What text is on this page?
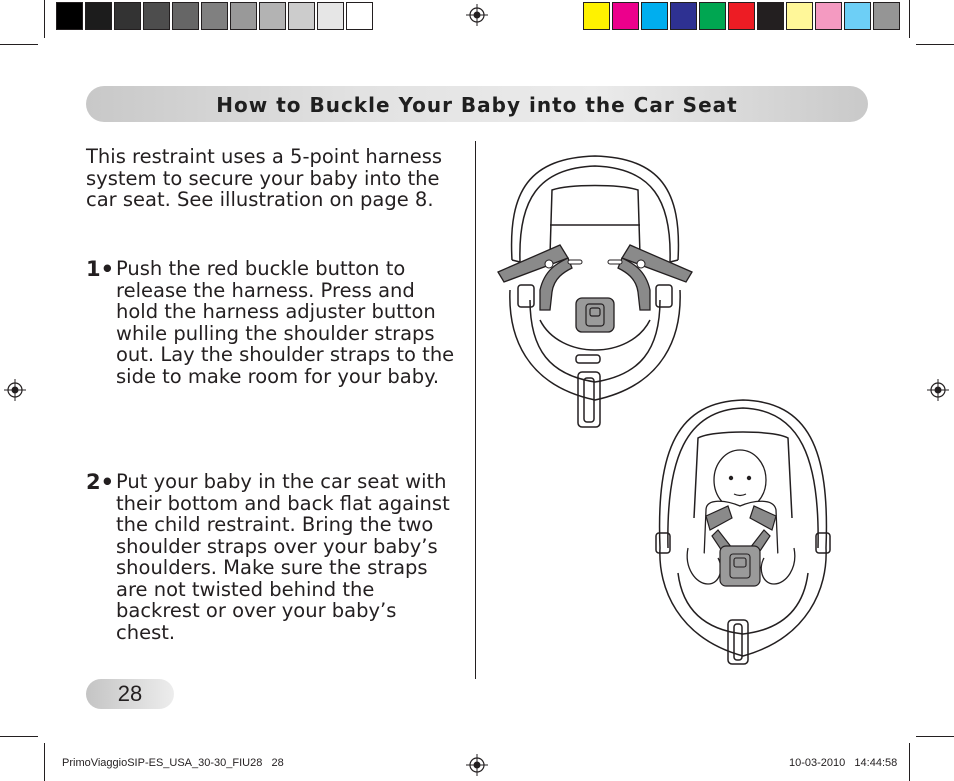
How to Buckle Your Baby into the Car Seat
This restraint uses a 5-point harness system to secure your baby into the car seat. See illustration on page 8.
1• Push the red buckle button to release the harness. Press and hold the harness adjuster button while pulling the shoulder straps out. Lay the shoulder straps to the side to make room for your baby.
2• Put your baby in the car seat with their bottom and back flat against the child restraint. Bring the two shoulder straps over your baby’s shoulders. Make sure the straps are not twisted behind the backrest or over your baby’s chest.
28
PrimoViaggioSIP-ES_USA_30-30_FIU28   28	10-03-2010   14:44:58
